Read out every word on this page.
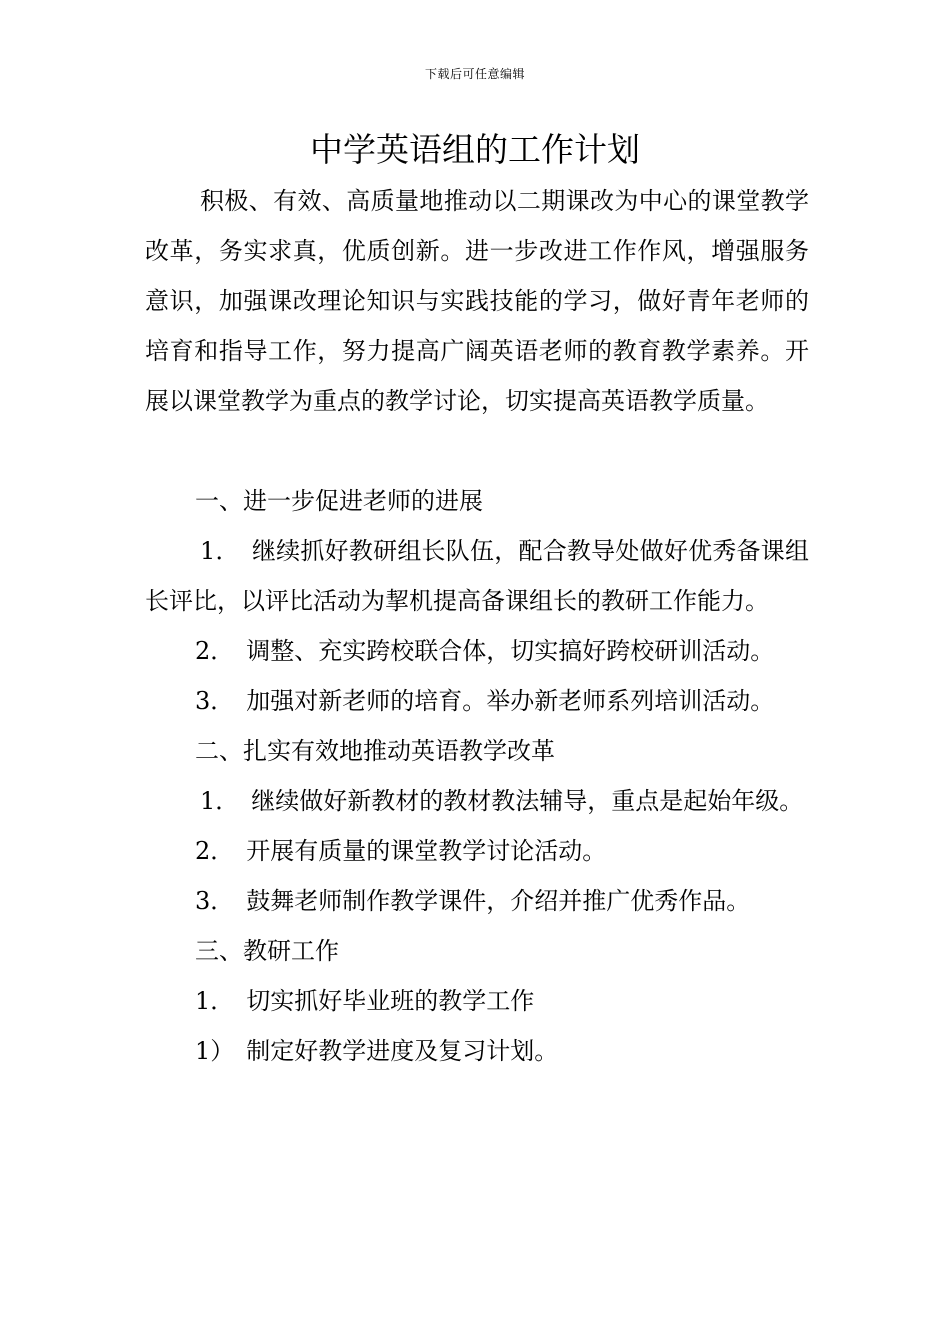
下载后可任意编辑
中学英语组的工作计划

积极、有效、高质量地推动以二期课改为中心的课堂教学改革，务实求真，优质创新。进一步改进工作作风，增强服务意识，加强课改理论知识与实践技能的学习，做好青年老师的培育和指导工作，努力提高广阔英语老师的教育教学素养。开展以课堂教学为重点的教学讨论，切实提高英语教学质量。

一、进一步促进老师的进展

1．　继续抓好教研组长队伍，配合教导处做好优秀备课组长评比，以评比活动为挈机提高备课组长的教研工作能力。

2．　调整、充实跨校联合体，切实搞好跨校研训活动。

3．　加强对新老师的培育。举办新老师系列培训活动。

二、扎实有效地推动英语教学改革

1．　继续做好新教材的教材教法辅导，重点是起始年级。

2．　开展有质量的课堂教学讨论活动。

3．　鼓舞老师制作教学课件，介绍并推广优秀作品。

三、教研工作

1．　切实抓好毕业班的教学工作

1）　制定好教学进度及复习计划。
